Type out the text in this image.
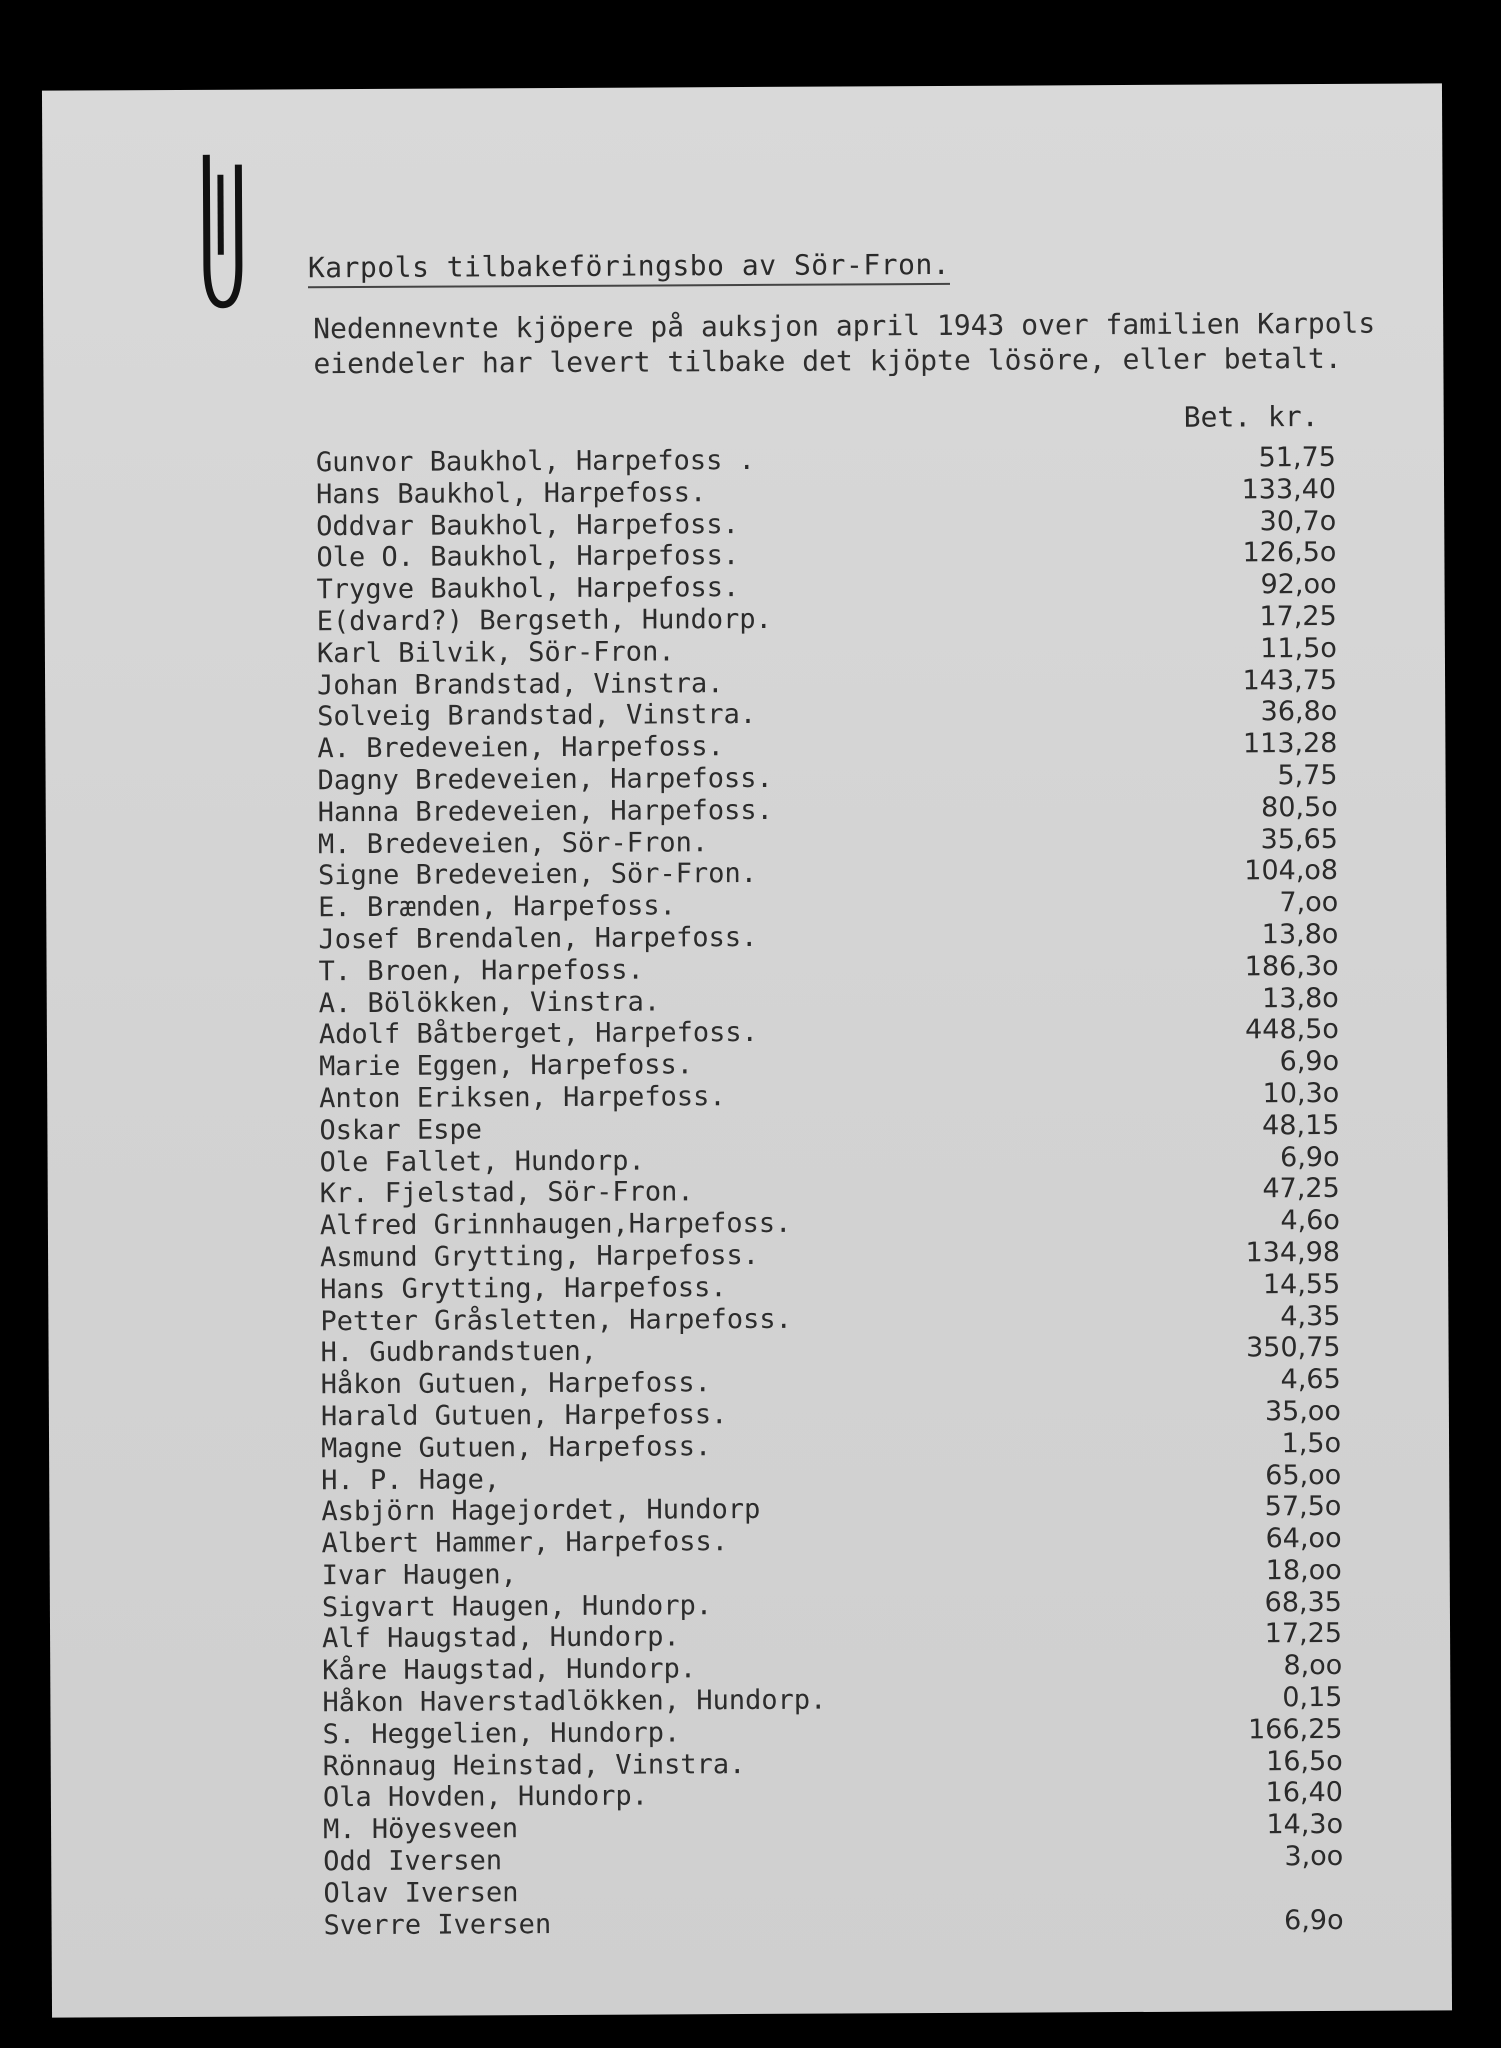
Karpols tilbakeföringsbo av Sör-Fron.
Nedennevnte kjöpere på auksjon april 1943 over familien Karpols
eiendeler har levert tilbake det kjöpte lösöre, eller betalt.
Bet. kr.
Gunvor Baukhol, Harpefoss .	51,75
Hans Baukhol, Harpefoss.	133,40
Oddvar Baukhol, Harpefoss.	30,7o
Ole O. Baukhol, Harpefoss.	126,5o
Trygve Baukhol, Harpefoss.	92,oo
E(dvard?) Bergseth, Hundorp.	17,25
Karl Bilvik, Sör-Fron.	11,5o
Johan Brandstad, Vinstra.	143,75
Solveig Brandstad, Vinstra.	36,8o
A. Bredeveien, Harpefoss.	113,28
Dagny Bredeveien, Harpefoss.	5,75
Hanna Bredeveien, Harpefoss.	80,5o
M. Bredeveien, Sör-Fron.	35,65
Signe Bredeveien, Sör-Fron.	104,o8
E. Brænden, Harpefoss.	7,oo
Josef Brendalen, Harpefoss.	13,8o
T. Broen, Harpefoss.	186,3o
A. Bölökken, Vinstra.	13,8o
Adolf Båtberget, Harpefoss.	448,5o
Marie Eggen, Harpefoss.	6,9o
Anton Eriksen, Harpefoss.	10,3o
Oskar Espe	48,15
Ole Fallet, Hundorp.	6,9o
Kr. Fjelstad, Sör-Fron.	47,25
Alfred Grinnhaugen,Harpefoss.	4,6o
Asmund Grytting, Harpefoss.	134,98
Hans Grytting, Harpefoss.	14,55
Petter Gråsletten, Harpefoss.	4,35
H. Gudbrandstuen,	350,75
Håkon Gutuen, Harpefoss.	4,65
Harald Gutuen, Harpefoss.	35,oo
Magne Gutuen, Harpefoss.	1,5o
H. P. Hage,	65,oo
Asbjörn Hagejordet, Hundorp	57,5o
Albert Hammer, Harpefoss.	64,oo
Ivar Haugen,	18,oo
Sigvart Haugen, Hundorp.	68,35
Alf Haugstad, Hundorp.	17,25
Kåre Haugstad, Hundorp.	8,oo
Håkon Haverstadlökken, Hundorp.	0,15
S. Heggelien, Hundorp.	166,25
Rönnaug Heinstad, Vinstra.	16,5o
Ola Hovden, Hundorp.	16,40
M. Höyesveen	14,3o
Odd Iversen	3,oo
Olav Iversen
Sverre Iversen	6,9o
